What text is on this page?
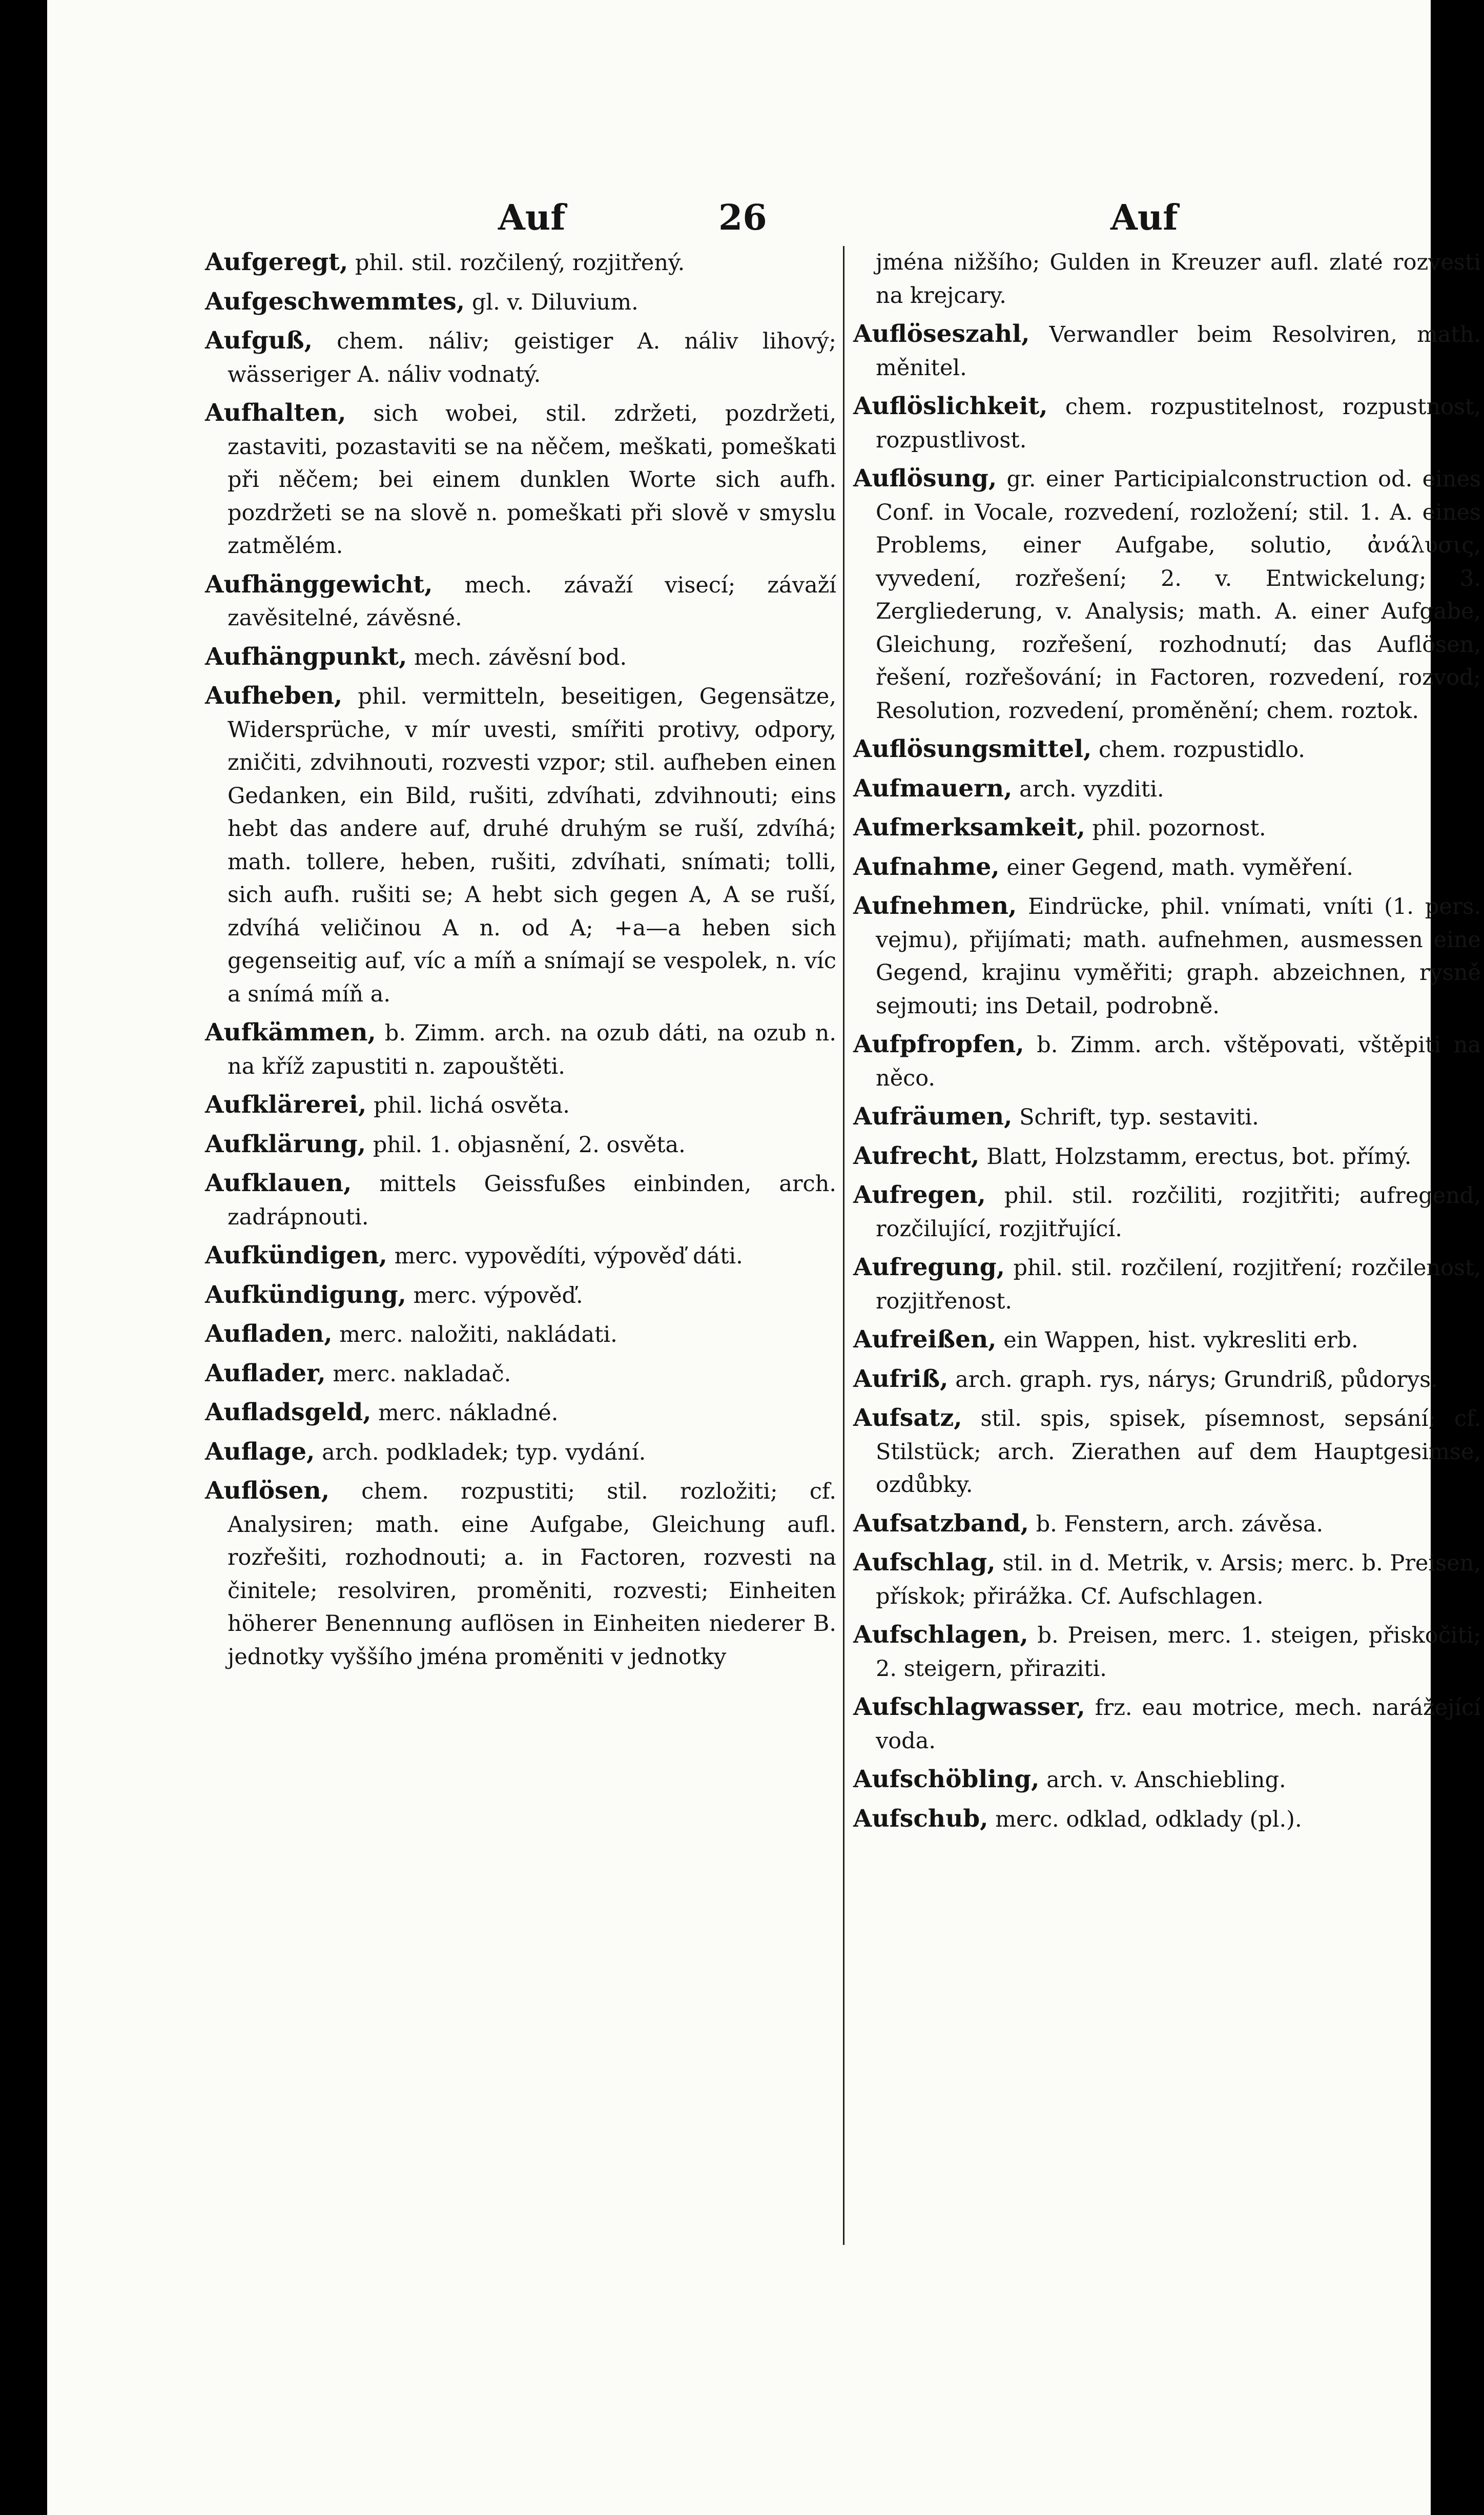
Auf	26	Auf

Aufgeregt, phil. stil. rozčilený, rozjitřený.

Aufgeschwemmtes, gl. v. Diluvium.

Aufguß, chem. náliv; geistiger A. náliv lihový; wässeriger A. náliv vodnatý.

Aufhalten, sich wobei, stil. zdržeti, pozdržeti, zastaviti, pozastaviti se na něčem, meškati, pomeškati při něčem; bei einem dunklen Worte sich aufh. pozdržeti se na slově n. pomeškati při slově v smyslu zatmělém.

Aufhänggewicht, mech. závaží visecí; závaží zavěsitelné, závěsné.

Aufhängpunkt, mech. závěsní bod.

Aufheben, phil. vermitteln, beseitigen, Gegensätze, Widersprüche, v mír uvesti, smířiti protivy, odpory, zničiti, zdvihnouti, rozvesti vzpor; stil. aufheben einen Gedanken, ein Bild, rušiti, zdvíhati, zdvihnouti; eins hebt das andere auf, druhé druhým se ruší, zdvíhá; math. tollere, heben, rušiti, zdvíhati, snímati; tolli, sich aufh. rušiti se; A hebt sich gegen A, A se ruší, zdvíhá veličinou A n. od A; +a—a heben sich gegenseitig auf, víc a míň a snímají se vespolek, n. víc a snímá míň a.

Aufkämmen, b. Zimm. arch. na ozub dáti, na ozub n. na kříž zapustiti n. zapouštěti.

Aufklärerei, phil. lichá osvěta.

Aufklärung, phil. 1. objasnění, 2. osvěta.

Aufklauen, mittels Geissfußes einbinden, arch. zadrápnouti.

Aufkündigen, merc. vypovědíti, výpověď dáti.

Aufkündigung, merc. výpověď.

Aufladen, merc. naložiti, nakládati.

Auflader, merc. nakladač.

Aufladsgeld, merc. nákladné.

Auflage, arch. podkladek; typ. vydání.

Auflösen, chem. rozpustiti; stil. rozložiti; cf. Analysiren; math. eine Aufgabe, Gleichung aufl. rozřešiti, rozhodnouti; a. in Factoren, rozvesti na činitele; resolviren, proměniti, rozvesti; Einheiten höherer Benennung auflösen in Einheiten niederer B. jednotky vyššího jména proměniti v jednotky

jména nižšího; Gulden in Kreuzer aufl. zlaté rozvesti na krejcary.

Auflöseszahl, Verwandler beim Resolviren, math. měnitel.

Auflöslichkeit, chem. rozpustitelnost, rozpustnost, rozpustlivost.

Auflösung, gr. einer Participialconstruction od. eines Conf. in Vocale, rozvedení, rozložení; stil. 1. A. eines Problems, einer Aufgabe, solutio, ἀνάλυσις, vyvedení, rozřešení; 2. v. Entwickelung; 3. Zergliederung, v. Analysis; math. A. einer Aufgabe, Gleichung, rozřešení, rozhodnutí; das Auflösen, řešení, rozřešování; in Factoren, rozvedení, rozvod; Resolution, rozvedení, proměnění; chem. roztok.

Auflösungsmittel, chem. rozpustidlo.

Aufmauern, arch. vyzditi.

Aufmerksamkeit, phil. pozornost.

Aufnahme, einer Gegend, math. vyměření.

Aufnehmen, Eindrücke, phil. vnímati, vníti (1. pers. vejmu), přijímati; math. aufnehmen, ausmessen eine Gegend, krajinu vyměřiti; graph. abzeichnen, rysně sejmouti; ins Detail, podrobně.

Aufpfropfen, b. Zimm. arch. vštěpovati, vštěpiti na něco.

Aufräumen, Schrift, typ. sestaviti.

Aufrecht, Blatt, Holzstamm, erectus, bot. přímý.

Aufregen, phil. stil. rozčiliti, rozjitřiti; aufregend, rozčilující, rozjitřující.

Aufregung, phil. stil. rozčilení, rozjitření; rozčilenost, rozjitřenost.

Aufreißen, ein Wappen, hist. vykresliti erb.

Aufriß, arch. graph. rys, nárys; Grundriß, půdorys.

Aufsatz, stil. spis, spisek, písemnost, sepsání; cf. Stilstück; arch. Zierathen auf dem Hauptgesimse, ozdůbky.

Aufsatzband, b. Fenstern, arch. závěsa.

Aufschlag, stil. in d. Metrik, v. Arsis; merc. b. Preisen, přískok; přirážka. Cf. Aufschlagen.

Aufschlagen, b. Preisen, merc. 1. steigen, přiskočiti; 2. steigern, přiraziti.

Aufschlagwasser, frz. eau motrice, mech. narážející voda.

Aufschöbling, arch. v. Anschiebling.

Aufschub, merc. odklad, odklady (pl.).
